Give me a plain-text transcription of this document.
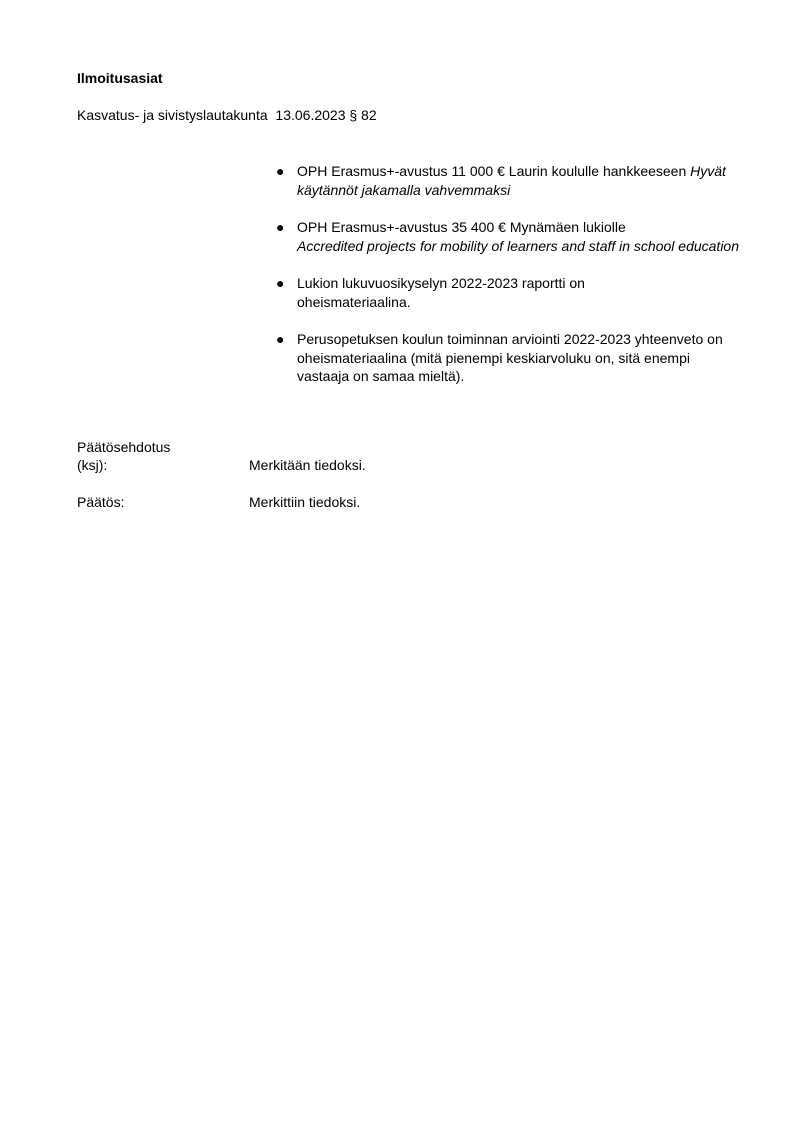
Ilmoitusasiat
Kasvatus- ja sivistyslautakunta  13.06.2023 § 82
● OPH Erasmus+-avustus 11 000 € Laurin koululle hankkeeseen Hyvät käytännöt jakamalla vahvemmaksi
● OPH Erasmus+-avustus 35 400 € Mynämäen lukiolle
Accredited projects for mobility of learners and staff in school education
● Lukion lukuvuosikyselyn 2022-2023 raportti on oheismateriaalina.
● Perusopetuksen koulun toiminnan arviointi 2022-2023 yhteenveto on oheismateriaalina (mitä pienempi keskiarvoluku on, sitä enempi vastaaja on samaa mieltä).
Päätösehdotus
(ksj):	Merkitään tiedoksi.
Päätös:	Merkittiin tiedoksi.
